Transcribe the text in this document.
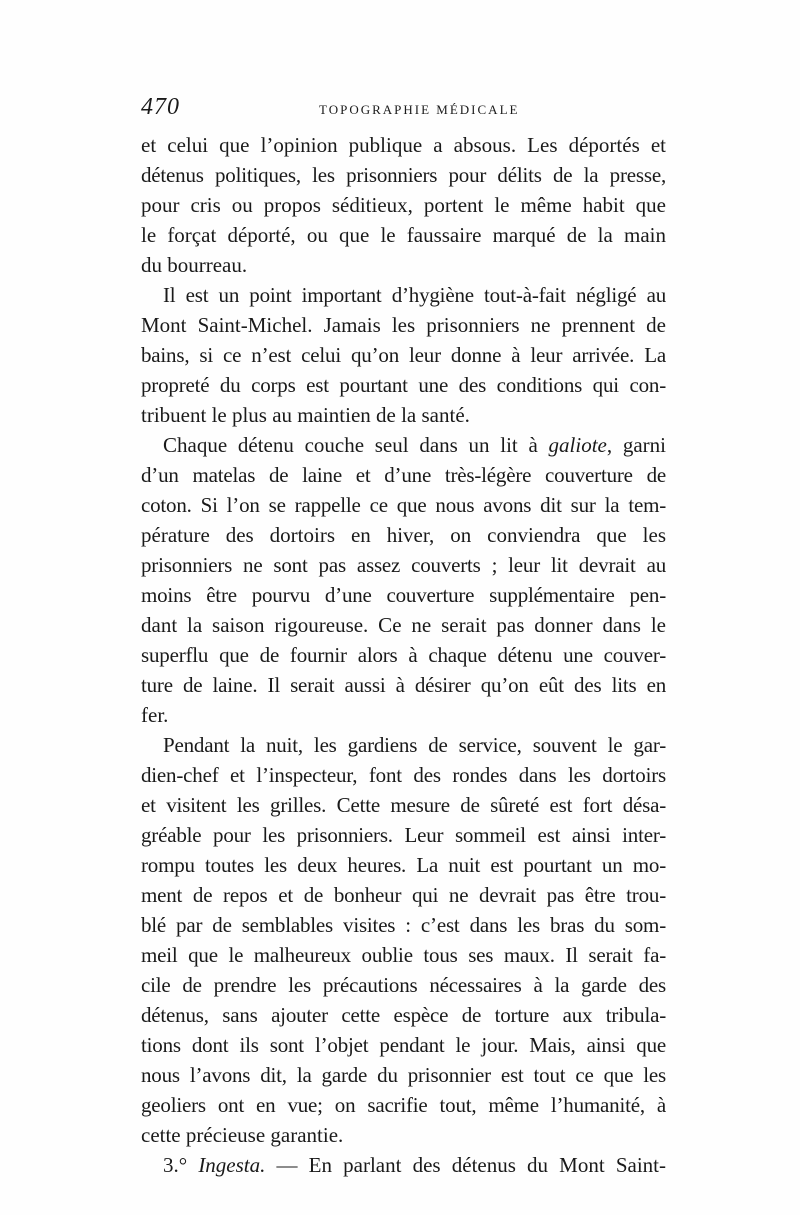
470	TOPOGRAPHIE MÉDICALE
et celui que l’opinion publique a absous. Les déportés et
détenus politiques, les prisonniers pour délits de la presse,
pour cris ou propos séditieux, portent le même habit que
le forçat déporté, ou que le faussaire marqué de la main
du bourreau.
Il est un point important d’hygiène tout-à-fait négligé au
Mont Saint-Michel. Jamais les prisonniers ne prennent de
bains, si ce n’est celui qu’on leur donne à leur arrivée. La
propreté du corps est pourtant une des conditions qui con-
tribuent le plus au maintien de la santé.
Chaque détenu couche seul dans un lit à galiote, garni
d’un matelas de laine et d’une très-légère couverture de
coton. Si l’on se rappelle ce que nous avons dit sur la tem-
pérature des dortoirs en hiver, on conviendra que les
prisonniers ne sont pas assez couverts ; leur lit devrait au
moins être pourvu d’une couverture supplémentaire pen-
dant la saison rigoureuse. Ce ne serait pas donner dans le
superflu que de fournir alors à chaque détenu une couver-
ture de laine. Il serait aussi à désirer qu’on eût des lits en
fer.
Pendant la nuit, les gardiens de service, souvent le gar-
dien-chef et l’inspecteur, font des rondes dans les dortoirs
et visitent les grilles. Cette mesure de sûreté est fort désa-
gréable pour les prisonniers. Leur sommeil est ainsi inter-
rompu toutes les deux heures. La nuit est pourtant un mo-
ment de repos et de bonheur qui ne devrait pas être trou-
blé par de semblables visites : c’est dans les bras du som-
meil que le malheureux oublie tous ses maux. Il serait fa-
cile de prendre les précautions nécessaires à la garde des
détenus, sans ajouter cette espèce de torture aux tribula-
tions dont ils sont l’objet pendant le jour. Mais, ainsi que
nous l’avons dit, la garde du prisonnier est tout ce que les
geoliers ont en vue; on sacrifie tout, même l’humanité, à
cette précieuse garantie.
3.° Ingesta. — En parlant des détenus du Mont Saint-
